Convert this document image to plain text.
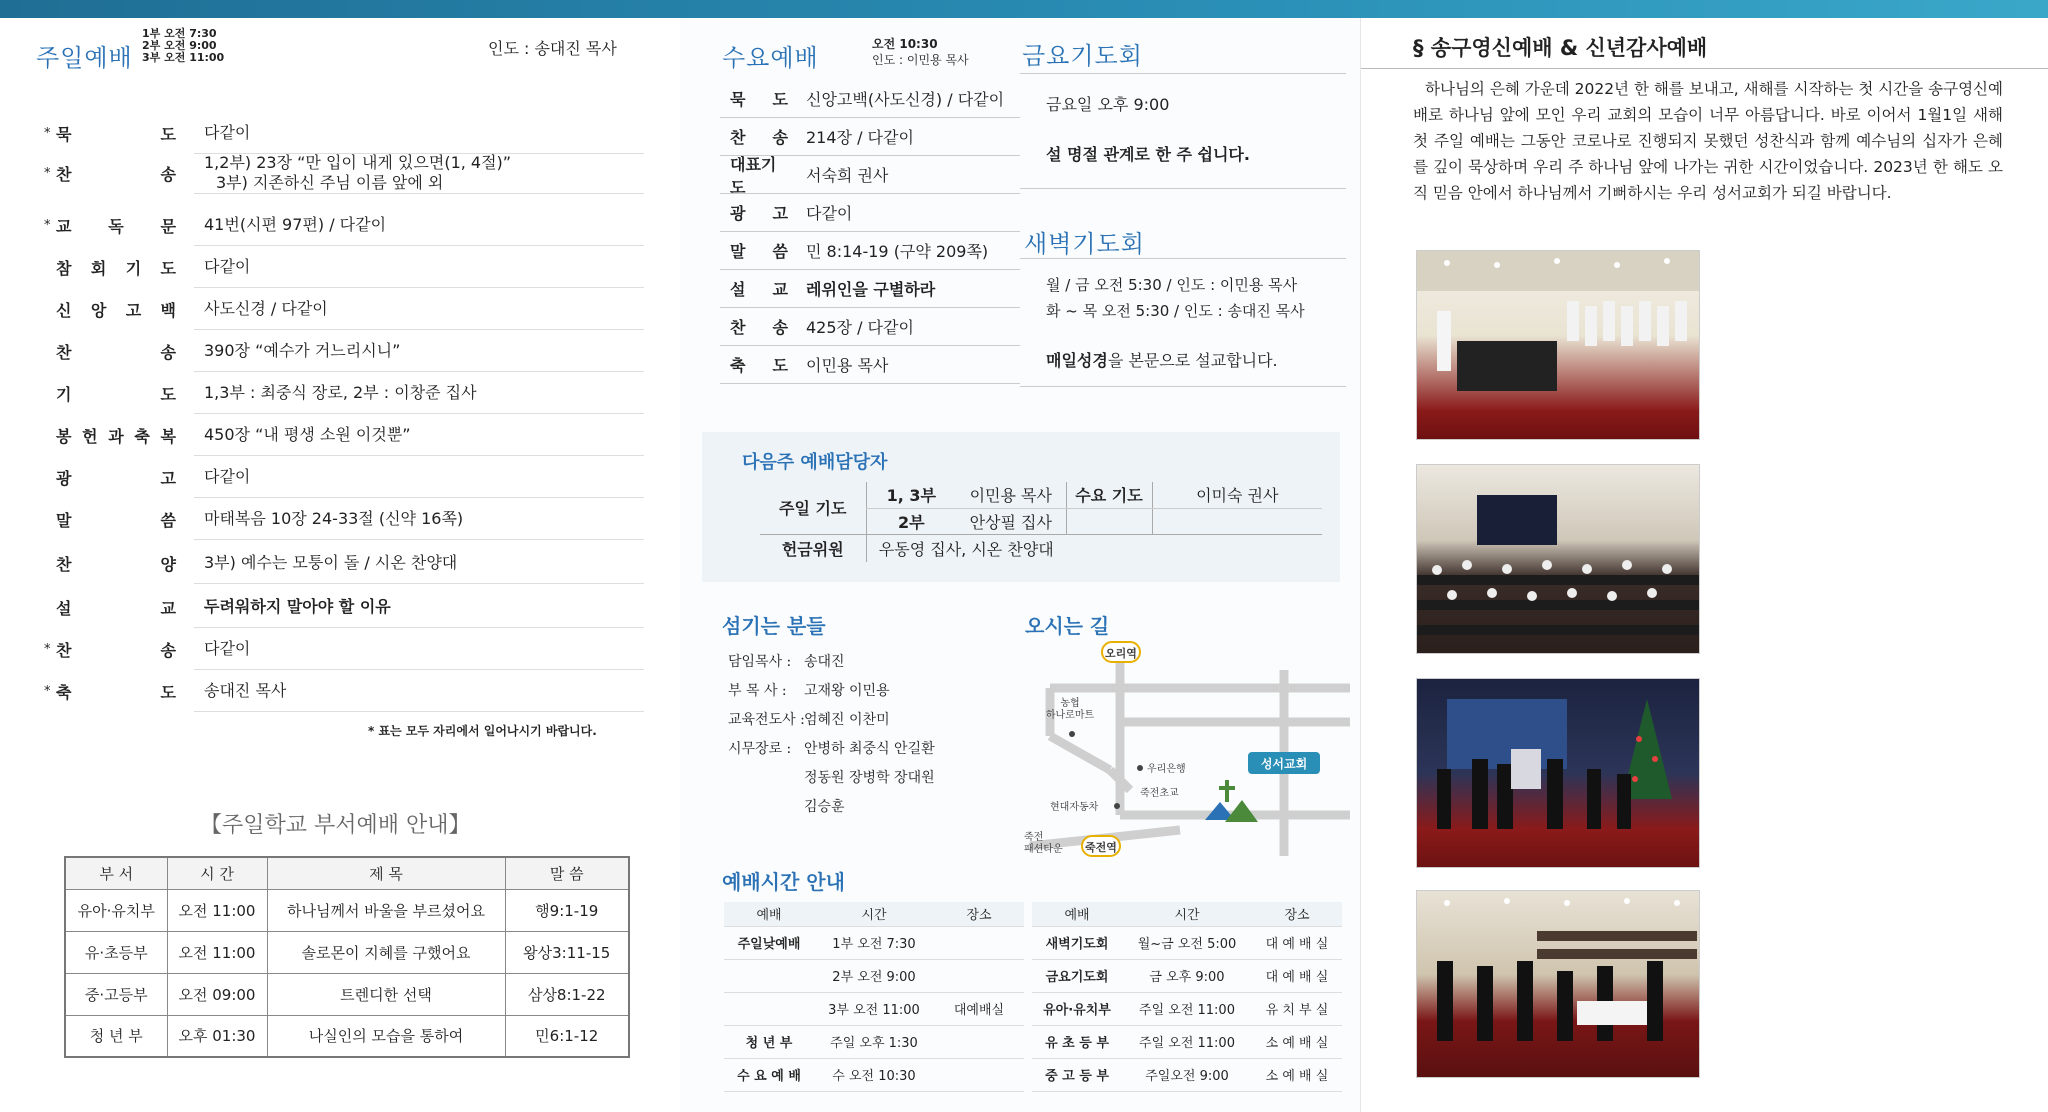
주일예배
1부 오전 7:30
2부 오전 9:00
3부 오전 11:00	인도 : 송대진 목사
* 묵	도 다같이
* 찬	송
1,2부) 23장 “만 입이 내게 있으면(1, 4절)”
3부) 지존하신 주님 이름 앞에 외
* 교 독 문 41번(시편 97편) / 다같이
참 회 기 도 다같이
신 앙 고 백 사도신경 / 다같이
찬	송 390장 “예수가 거느리시니”
기	도 1,3부 : 최중식 장로, 2부 : 이창준 집사
봉 헌 과 축 복 450장 “내 평생 소원 이것뿐”
광	고 다같이
말	씀 마태복음 10장 24-33절 (신약 16쪽)
찬	양 3부) 예수는 모퉁이 돌 / 시온 찬양대
설	교 두려워하지 말아야 할 이유
* 찬	송 다같이
* 축	도 송대진 목사
* 표는 모두 자리에서 일어나시기 바랍니다.
【주일학교 부서예배 안내】
부 서	시 간	제 목	말 씀
유아·유치부	오전 11:00	하나님께서 바울을 부르셨어요	행9:1-19
유·초등부	오전 11:00	솔로몬이 지혜를 구했어요	왕상3:11-15
중·고등부	오전 09:00	트렌디한 선택	삼상8:1-22
청 년 부	오후 01:30	나실인의 모습을 통하여	민6:1-12
수요예배	오전 10:30
인도 : 이민용 목사
묵 도	신앙고백(사도신경) / 다같이
찬 송	214장 / 다같이
대표기도
서숙희 권사
광 고	다같이
말 씀	민 8:14-19 (구약 209쪽)
설 교	레위인을 구별하라
찬 송	425장 / 다같이
축 도	이민용 목사
금요기도회
금요일 오후 9:00
설 명절 관계로 한 주 쉽니다.
새벽기도회
월 / 금 오전 5:30 / 인도 : 이민용 목사
화 ~ 목 오전 5:30 / 인도 : 송대진 목사
매일성경을 본문으로 설교합니다.
다음주 예배담당자
주일 기도	1, 3부	이민용 목사	수요 기도	이미숙 권사
	2부	안상필 집사		
헌금위원	우동영 집사, 시온 찬양대			
섬기는 분들
담임목사 : 송대진
부 목 사 :	고재왕 이민용
교육전도사 : 엄혜진 이찬미
시무장로 : 안병하 최중식 안길환
정동원 장병학 장대원
김승훈
오시는 길
오리역
농협
하나로마트
우리은행
죽전초교
현대자동차
죽전
패션타운 죽전역
성서교회
예배시간 안내
예배	시간	장소
주일낮예배	1부 오전 7:30	
	2부 오전 9:00	
	3부 오전 11:00	대예배실
청 년 부	주일 오후 1:30	
수 요 예 배	수 오전 10:30	
예배	시간	장소
새벽기도회	월~금 오전 5:00	대 예 배 실
금요기도회	금 오후 9:00	대 예 배 실
유아·유치부	주일 오전 11:00	유 치 부 실
유 초 등 부	주일 오전 11:00	소 예 배 실
중 고 등 부	주일오전 9:00	소 예 배 실
§ 송구영신예배 & 신년감사예배
하나님의 은혜 가운데 2022년 한 해를 보내고, 새해를 시작하는 첫 시간을 송구영신예배로 하나님 앞에 모인 우리 교회의 모습이 너무 아름답니다. 바로 이어서 1월1일 새해 첫 주일 예배는 그동안 코로나로 진행되지 못했던 성찬식과 함께 예수님의 십자가 은혜를 깊이 묵상하며 우리 주 하나님 앞에 나가는 귀한 시간이었습니다. 2023년 한 해도 오직 믿음 안에서 하나님께서 기뻐하시는 우리 성서교회가 되길 바랍니다.
